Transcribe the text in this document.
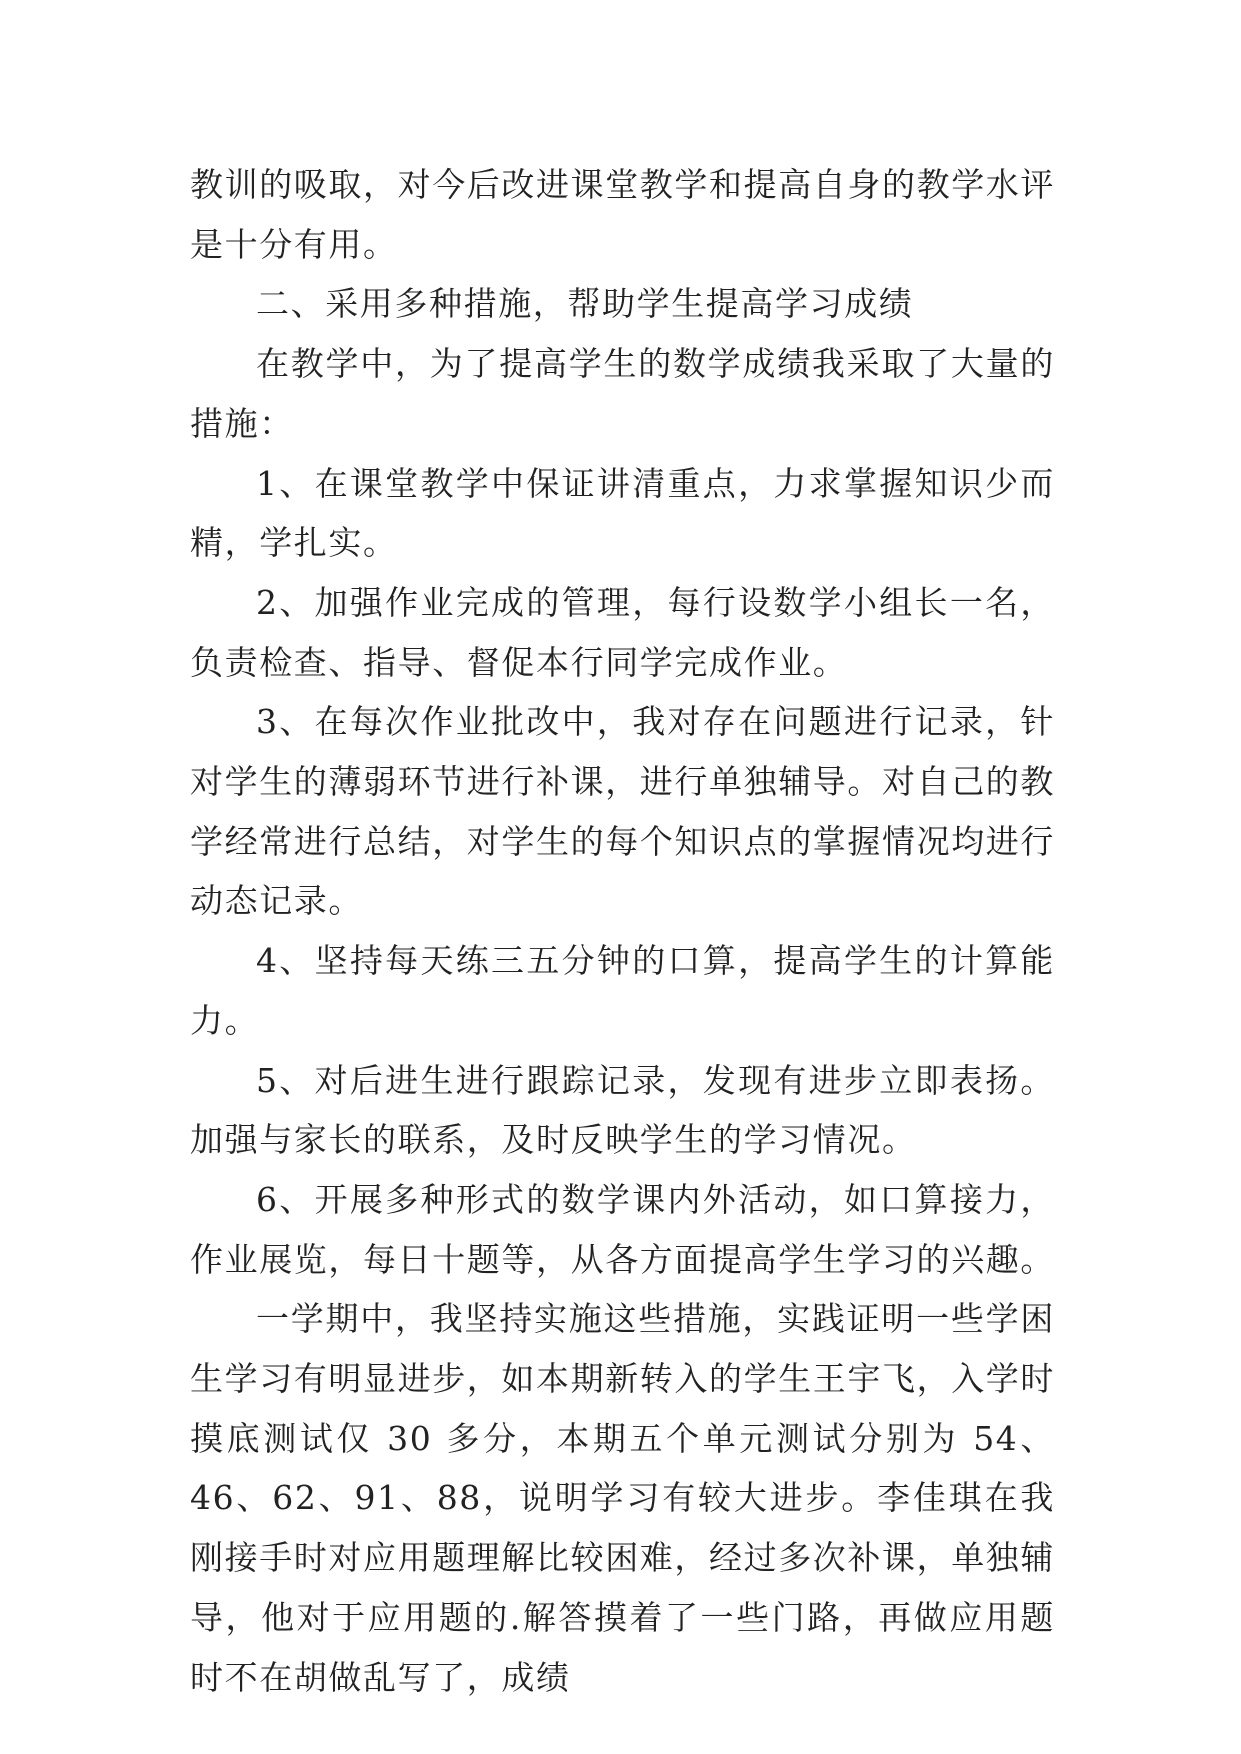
教训的吸取，对今后改进课堂教学和提高自身的教学水评是十分有用。

二、采用多种措施，帮助学生提高学习成绩

在教学中，为了提高学生的数学成绩我采取了大量的措施：

1、在课堂教学中保证讲清重点，力求掌握知识少而精，学扎实。

2、加强作业完成的管理，每行设数学小组长一名，负责检查、指导、督促本行同学完成作业。

3、在每次作业批改中，我对存在问题进行记录，针对学生的薄弱环节进行补课，进行单独辅导。对自己的教学经常进行总结，对学生的每个知识点的掌握情况均进行动态记录。

4、坚持每天练三五分钟的口算，提高学生的计算能力。

5、对后进生进行跟踪记录，发现有进步立即表扬。加强与家长的联系，及时反映学生的学习情况。

6、开展多种形式的数学课内外活动，如口算接力，作业展览，每日十题等，从各方面提高学生学习的兴趣。

一学期中，我坚持实施这些措施，实践证明一些学困生学习有明显进步，如本期新转入的学生王宇飞，入学时摸底测试仅 30 多分，本期五个单元测试分别为 54、46、62、91、88，说明学习有较大进步。李佳琪在我刚接手时对应用题理解比较困难，经过多次补课，单独辅导，他对于应用题的.解答摸着了一些门路，再做应用题时不在胡做乱写了，成绩
